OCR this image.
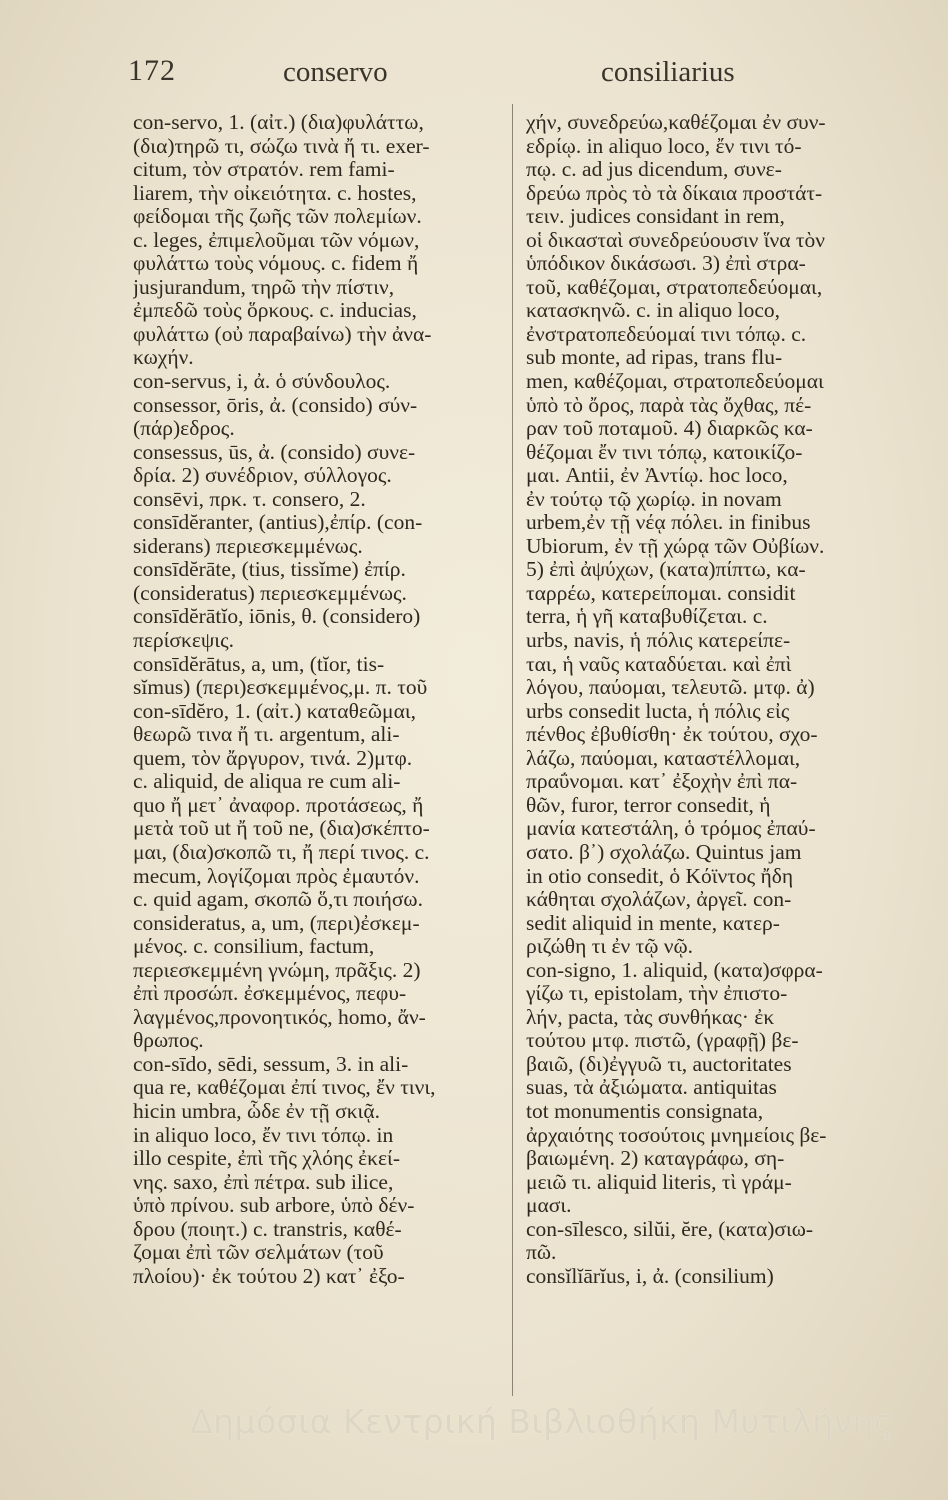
172	conservo	consiliarius
con-servo, 1. (αἰτ.) (δια)φυλάττω,
(δια)τηρῶ τι, σώζω τινὰ ἤ τι. exer-
citum, τὸν στρατόν. rem fami-
liarem, τὴν οἰκειότητα. c. hostes,
φείδομαι τῆς ζωῆς τῶν πολεμίων.
c. leges, ἐπιμελοῦμαι τῶν νόμων,
φυλάττω τοὺς νόμους. c. fidem ἤ
jusjurandum, τηρῶ τὴν πίστιν,
ἐμπεδῶ τοὺς ὅρκους. c. inducias,
φυλάττω (οὐ παραβαίνω) τὴν ἀνα-
κωχήν.
con-servus, i, ἀ. ὁ σύνδουλος.
consessor, ōris, ἀ. (consido) σύν-
(πάρ)εδρος.
consessus, ūs, ἀ. (consido) συνε-
δρία. 2) συνέδριον, σύλλογος.
consēvi, πρκ. τ. consero, 2.
consīdĕranter, (antius),ἐπίρ. (con-
siderans) περιεσκεμμένως.
consīdĕrāte, (tius, tissĭme) ἐπίρ.
(consideratus) περιεσκεμμένως.
consīdĕrātĭo, iōnis, θ. (considero)
περίσκεψις.
consīdĕrātus, a, um, (tĭor, tis-
sĭmus) (περι)εσκεμμένος,μ. π. τοῦ
con-sīdĕro, 1. (αἰτ.) καταθεῶμαι,
θεωρῶ τινα ἤ τι. argentum, ali-
quem, τὸν ἄργυρον, τινά. 2)μτφ.
c. aliquid, de aliqua re cum ali-
quo ἤ μετ᾽ ἀναφορ. προτάσεως, ἤ
μετὰ τοῦ ut ἤ τοῦ ne, (δια)σκέπτο-
μαι, (δια)σκοπῶ τι, ἤ περί τινος. c.
mecum, λογίζομαι πρὸς ἐμαυτόν.
c. quid agam, σκοπῶ ὅ,τι ποιήσω.
consideratus, a, um, (περι)ἐσκεμ-
μένος. c. consilium, factum,
περιεσκεμμένη γνώμη, πρᾶξις. 2)
ἐπὶ προσώπ. ἐσκεμμένος, πεφυ-
λαγμένος,προνοητικός, homo, ἄν-
θρωπος.
con-sīdo, sēdi, sessum, 3. in ali-
qua re, καθέζομαι ἐπί τινος, ἔν τινι,
hicin umbra, ὧδε ἐν τῇ σκιᾷ.
in aliquo loco, ἔν τινι τόπῳ. in
illo cespite, ἐπὶ τῆς χλόης ἐκεί-
νης. saxo, ἐπὶ πέτρα. sub ilice,
ὑπὸ πρίνου. sub arbore, ὑπὸ δέν-
δρου (ποιητ.) c. transtris, καθέ-
ζομαι ἐπὶ τῶν σελμάτων (τοῦ
πλοίου)· ἐκ τούτου 2) κατ᾽ ἐξο-
χήν, συνεδρεύω,καθέζομαι ἐν συν-
εδρίῳ. in aliquo loco, ἔν τινι τό-
πῳ. c. ad jus dicendum, συνε-
δρεύω πρὸς τὸ τὰ δίκαια προστάτ-
τειν. judices considant in rem,
οἱ δικασταὶ συνεδρεύουσιν ἵνα τὸν
ὑπόδικον δικάσωσι. 3) ἐπὶ στρα-
τοῦ, καθέζομαι, στρατοπεδεύομαι,
κατασκηνῶ. c. in aliquo loco,
ἐνστρατοπεδεύομαί τινι τόπῳ. c.
sub monte, ad ripas, trans flu-
men, καθέζομαι, στρατοπεδεύομαι
ὑπὸ τὸ ὄρος, παρὰ τὰς ὄχθας, πέ-
ραν τοῦ ποταμοῦ. 4) διαρκῶς κα-
θέζομαι ἔν τινι τόπῳ, κατοικίζο-
μαι. Antii, ἐν Ἀντίῳ. hoc loco,
ἐν τούτῳ τῷ χωρίῳ. in novam
urbem,ἐν τῇ νέᾳ πόλει. in finibus
Ubiorum, ἐν τῇ χώρᾳ τῶν Οὐβίων.
5) ἐπὶ ἀψύχων, (κατα)πίπτω, κα-
ταρρέω, κατερείπομαι. considit
terra, ἡ γῆ καταβυθίζεται. c.
urbs, navis, ἡ πόλις κατερείπε-
ται, ἡ ναῦς καταδύεται. καὶ ἐπὶ
λόγου, παύομαι, τελευτῶ. μτφ. ἀ)
urbs consedit lucta, ἡ πόλις εἰς
πένθος ἐβυθίσθη· ἐκ τούτου, σχο-
λάζω, παύομαι, καταστέλλομαι,
πραΰνομαι. κατ᾽ ἐξοχὴν ἐπὶ πα-
θῶν, furor, terror consedit, ἡ
μανία κατεστάλη, ὁ τρόμος ἐπαύ-
σατο. β᾽) σχολάζω. Quintus jam
in otio consedit, ὁ Κόϊντος ἤδη
κάθηται σχολάζων, ἀργεῖ. con-
sedit aliquid in mente, κατερ-
ριζώθη τι ἐν τῷ νῷ.
con-signo, 1. aliquid, (κατα)σφρα-
γίζω τι, epistolam, τὴν ἐπιστο-
λήν, pacta, τὰς συνθήκας· ἐκ
τούτου μτφ. πιστῶ, (γραφῇ) βε-
βαιῶ, (δι)ἐγγυῶ τι, auctoritates
suas, τὰ ἀξιώματα. antiquitas
tot monumentis consignata,
ἀρχαιότης τοσούτοις μνημείοις βε-
βαιωμένη. 2) καταγράφω, ση-
μειῶ τι. aliquid literis, τὶ γράμ-
μασι.
con-sīlesco, silŭi, ĕre, (κατα)σιω-
πῶ.
consĭlĭārĭus, i, ἀ. (consilium)
Δημόσια Κεντρική Βιβλιοθήκη Μυτιλήνης
